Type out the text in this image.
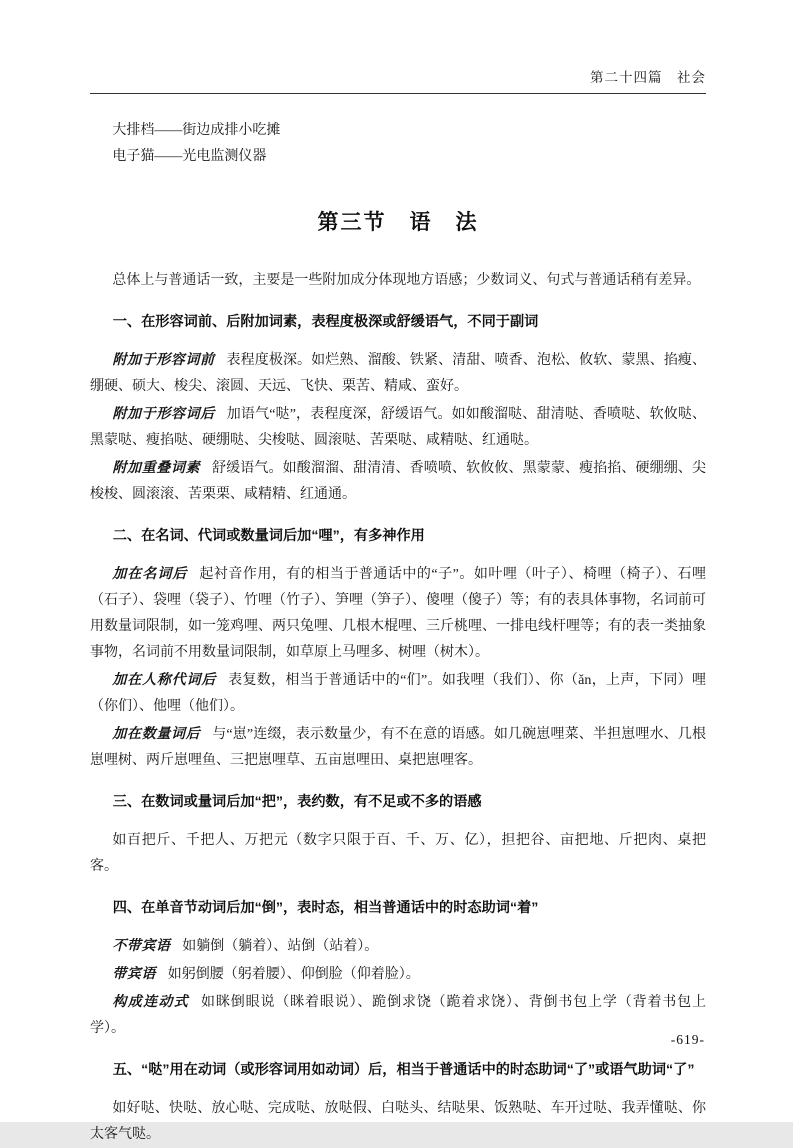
第二十四篇　社会

大排档——街边成排小吃摊

电子猫——光电监测仪器

第三节　语　法

总体上与普通话一致，主要是一些附加成分体现地方语感；少数词义、句式与普通话稍有差异。

一、在形容词前、后附加词素，表程度极深或舒缓语气，不同于副词

附加于形容词前 表程度极深。如烂熟、溜酸、铁紧、清甜、喷香、泡松、攸软、蒙黑、掐瘦、绷硬、硕大、梭尖、滚圆、天远、飞快、栗苦、精咸、蛮好。

附加于形容词后 加语气“哒”，表程度深，舒缓语气。如如酸溜哒、甜清哒、香喷哒、软攸哒、黑蒙哒、瘦掐哒、硬绷哒、尖梭哒、圆滚哒、苦栗哒、咸精哒、红通哒。

附加重叠词素 舒缓语气。如酸溜溜、甜清清、香喷喷、软攸攸、黑蒙蒙、瘦掐掐、硬绷绷、尖梭梭、圆滚滚、苦栗栗、咸精精、红通通。

二、在名词、代词或数量词后加“哩”，有多神作用

加在名词后 起衬音作用，有的相当于普通话中的“子”。如叶哩（叶子）、椅哩（椅子）、石哩（石子）、袋哩（袋子）、竹哩（竹子）、笋哩（笋子）、傻哩（傻子）等；有的表具体事物，名词前可用数量词限制，如一笼鸡哩、两只兔哩、几根木棍哩、三斤桃哩、一排电线杆哩等；有的表一类抽象事物，名词前不用数量词限制，如草原上马哩多、树哩（树木）。

加在人称代词后 表复数，相当于普通话中的“们”。如我哩（我们）、你（ǎn，上声，下同）哩（你们）、他哩（他们）。

加在数量词后 与“崽”连缀，表示数量少，有不在意的语感。如几碗崽哩菜、半担崽哩水、几根崽哩树、两斤崽哩鱼、三把崽哩草、五亩崽哩田、桌把崽哩客。

三、在数词或量词后加“把”，表约数，有不足或不多的语感

如百把斤、千把人、万把元（数字只限于百、千、万、亿），担把谷、亩把地、斤把肉、桌把客。

四、在单音节动词后加“倒”，表时态，相当普通话中的时态助词“着”

不带宾语 如躺倒（躺着）、站倒（站着）。

带宾语 如躬倒腰（躬着腰）、仰倒脸（仰着脸）。

构成连动式 如眯倒眼说（眯着眼说）、跪倒求饶（跪着求饶）、背倒书包上学（背着书包上学）。

五、“哒”用在动词（或形容词用如动词）后，相当于普通话中的时态助词“了”或语气助词“了”

如好哒、快哒、放心哒、完成哒、放哒假、白哒头、结哒果、饭熟哒、车开过哒、我弄懂哒、你太客气哒。

-619-
